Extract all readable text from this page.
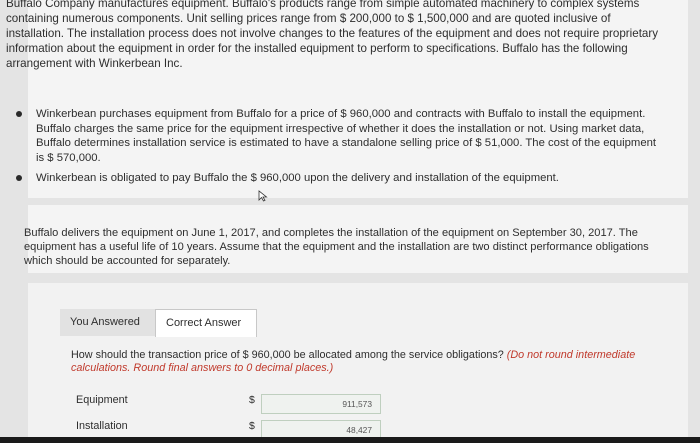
Buffalo Company manufactures equipment. Buffalo's products range from simple automated machinery to complex systems containing numerous components. Unit selling prices range from $ 200,000 to $ 1,500,000 and are quoted inclusive of installation. The installation process does not involve changes to the features of the equipment and does not require proprietary information about the equipment in order for the installed equipment to perform to specifications. Buffalo has the following arrangement with Winkerbean Inc.

Winkerbean purchases equipment from Buffalo for a price of $ 960,000 and contracts with Buffalo to install the equipment. Buffalo charges the same price for the equipment irrespective of whether it does the installation or not. Using market data, Buffalo determines installation service is estimated to have a standalone selling price of $ 51,000. The cost of the equipment is $ 570,000.
Winkerbean is obligated to pay Buffalo the $ 960,000 upon the delivery and installation of the equipment.

Buffalo delivers the equipment on June 1, 2017, and completes the installation of the equipment on September 30, 2017. The equipment has a useful life of 10 years. Assume that the equipment and the installation are two distinct performance obligations which should be accounted for separately.

You Answered	Correct Answer

How should the transaction price of $ 960,000 be allocated among the service obligations? (Do not round intermediate calculations. Round final answers to 0 decimal places.)

Equipment	$	911,573
Installation	$	48,427
